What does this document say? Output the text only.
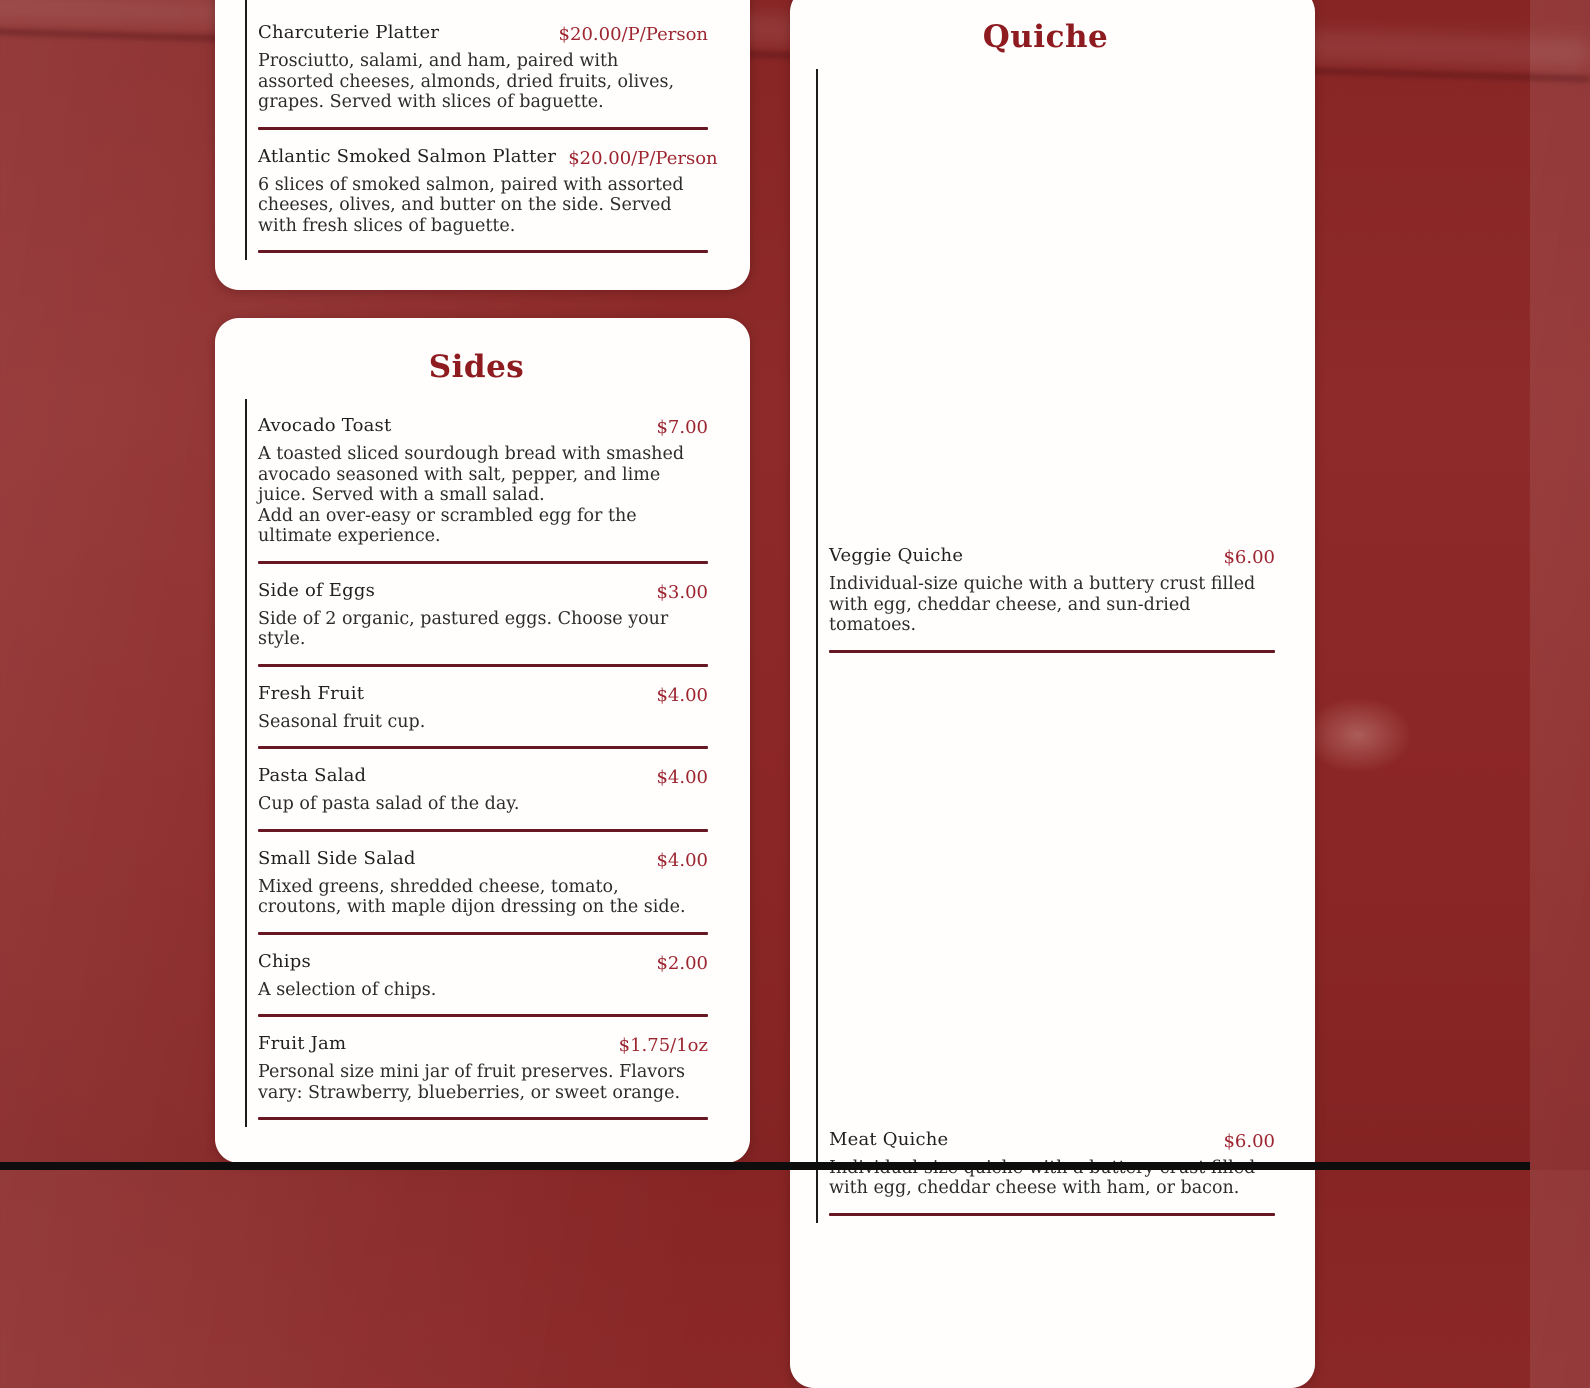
Charcuterie Platter	$20.00/P/Person
Prosciutto, salami, and ham, paired with assorted cheeses, almonds, dried fruits, olives, grapes. Served with slices of baguette.
Atlantic Smoked Salmon Platter $20.00/P/Person
6 slices of smoked salmon, paired with assorted cheeses, olives, and butter on the side. Served with fresh slices of baguette.
Sides
Avocado Toast	$7.00
A toasted sliced sourdough bread with smashed avocado seasoned with salt, pepper, and lime juice. Served with a small salad.
Add an over-easy or scrambled egg for the ultimate experience.
Side of Eggs	$3.00
Side of 2 organic, pastured eggs. Choose your style.
Fresh Fruit	$4.00
Seasonal fruit cup.
Pasta Salad	$4.00
Cup of pasta salad of the day.
Small Side Salad	$4.00
Mixed greens, shredded cheese, tomato, croutons, with maple dijon dressing on the side.
Chips	$2.00
A selection of chips.
Fruit Jam	$1.75/1oz
Personal size mini jar of fruit preserves. Flavors vary: Strawberry, blueberries, or sweet orange.
Quiche
Veggie Quiche	$6.00
Individual-size quiche with a buttery crust filled with egg, cheddar cheese, and sun-dried tomatoes.
Meat Quiche	$6.00
with egg, cheddar cheese with ham, or bacon.
